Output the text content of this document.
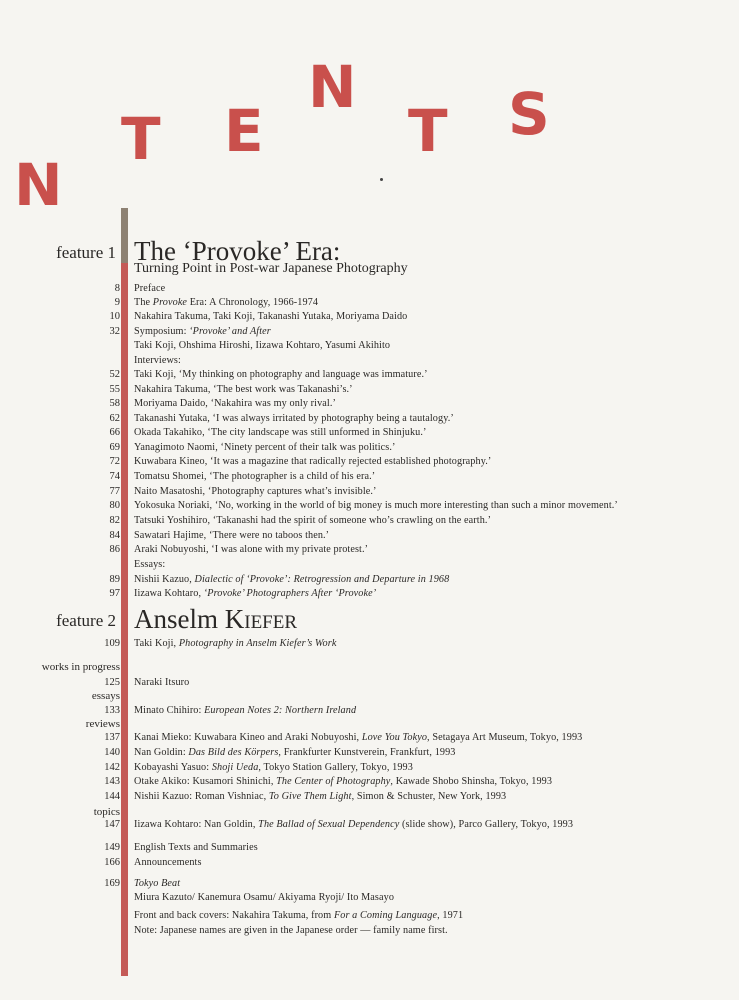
N
T E
N
T S
feature 1 The ‘Provoke’ Era:
Turning Point in Post-war Japanese Photography
feature 2 Anselm Kiefer
works in progress
essays
reviews
topics
8 Preface
9 The Provoke Era: A Chronology, 1966-1974
10 Nakahira Takuma, Taki Koji, Takanashi Yutaka, Moriyama Daido
32 Symposium: ‘Provoke’ and After
Taki Koji, Ohshima Hiroshi, Iizawa Kohtaro, Yasumi Akihito
Interviews:
52 Taki Koji, ‘My thinking on photography and language was immature.’
55 Nakahira Takuma, ‘The best work was Takanashi’s.’
58 Moriyama Daido, ‘Nakahira was my only rival.’
62 Takanashi Yutaka, ‘I was always irritated by photography being a tautalogy.’
66 Okada Takahiko, ‘The city landscape was still unformed in Shinjuku.’
69 Yanagimoto Naomi, ‘Ninety percent of their talk was politics.’
72 Kuwabara Kineo, ‘It was a magazine that radically rejected established photography.’
74 Tomatsu Shomei, ‘The photographer is a child of his era.’
77 Naito Masatoshi, ‘Photography captures what’s invisible.’
80 Yokosuka Noriaki, ‘No, working in the world of big money is much more interesting than such a minor movement.’
82 Tatsuki Yoshihiro, ‘Takanashi had the spirit of someone who’s crawling on the earth.’
84 Sawatari Hajime, ‘There were no taboos then.’
86 Araki Nobuyoshi, ‘I was alone with my private protest.’
Essays:
89 Nishii Kazuo, Dialectic of ‘Provoke’: Retrogression and Departure in 1968
97 Iizawa Kohtaro, ‘Provoke’ Photographers After ‘Provoke’
109 Taki Koji, Photography in Anselm Kiefer’s Work
125 Naraki Itsuro
133 Minato Chihiro: European Notes 2: Northern Ireland
137 Kanai Mieko: Kuwabara Kineo and Araki Nobuyoshi, Love You Tokyo, Setagaya Art Museum, Tokyo, 1993
140 Nan Goldin: Das Bild des Körpers, Frankfurter Kunstverein, Frankfurt, 1993
142 Kobayashi Yasuo: Shoji Ueda, Tokyo Station Gallery, Tokyo, 1993
143 Otake Akiko: Kusamori Shinichi, The Center of Photography, Kawade Shobo Shinsha, Tokyo, 1993
144 Nishii Kazuo: Roman Vishniac, To Give Them Light, Simon & Schuster, New York, 1993
147 Iizawa Kohtaro: Nan Goldin, The Ballad of Sexual Dependency (slide show), Parco Gallery, Tokyo, 1993
149 English Texts and Summaries
166 Announcements
169 Tokyo Beat
Miura Kazuto/ Kanemura Osamu/ Akiyama Ryoji/ Ito Masayo
Front and back covers: Nakahira Takuma, from For a Coming Language, 1971
Note: Japanese names are given in the Japanese order — family name first.
